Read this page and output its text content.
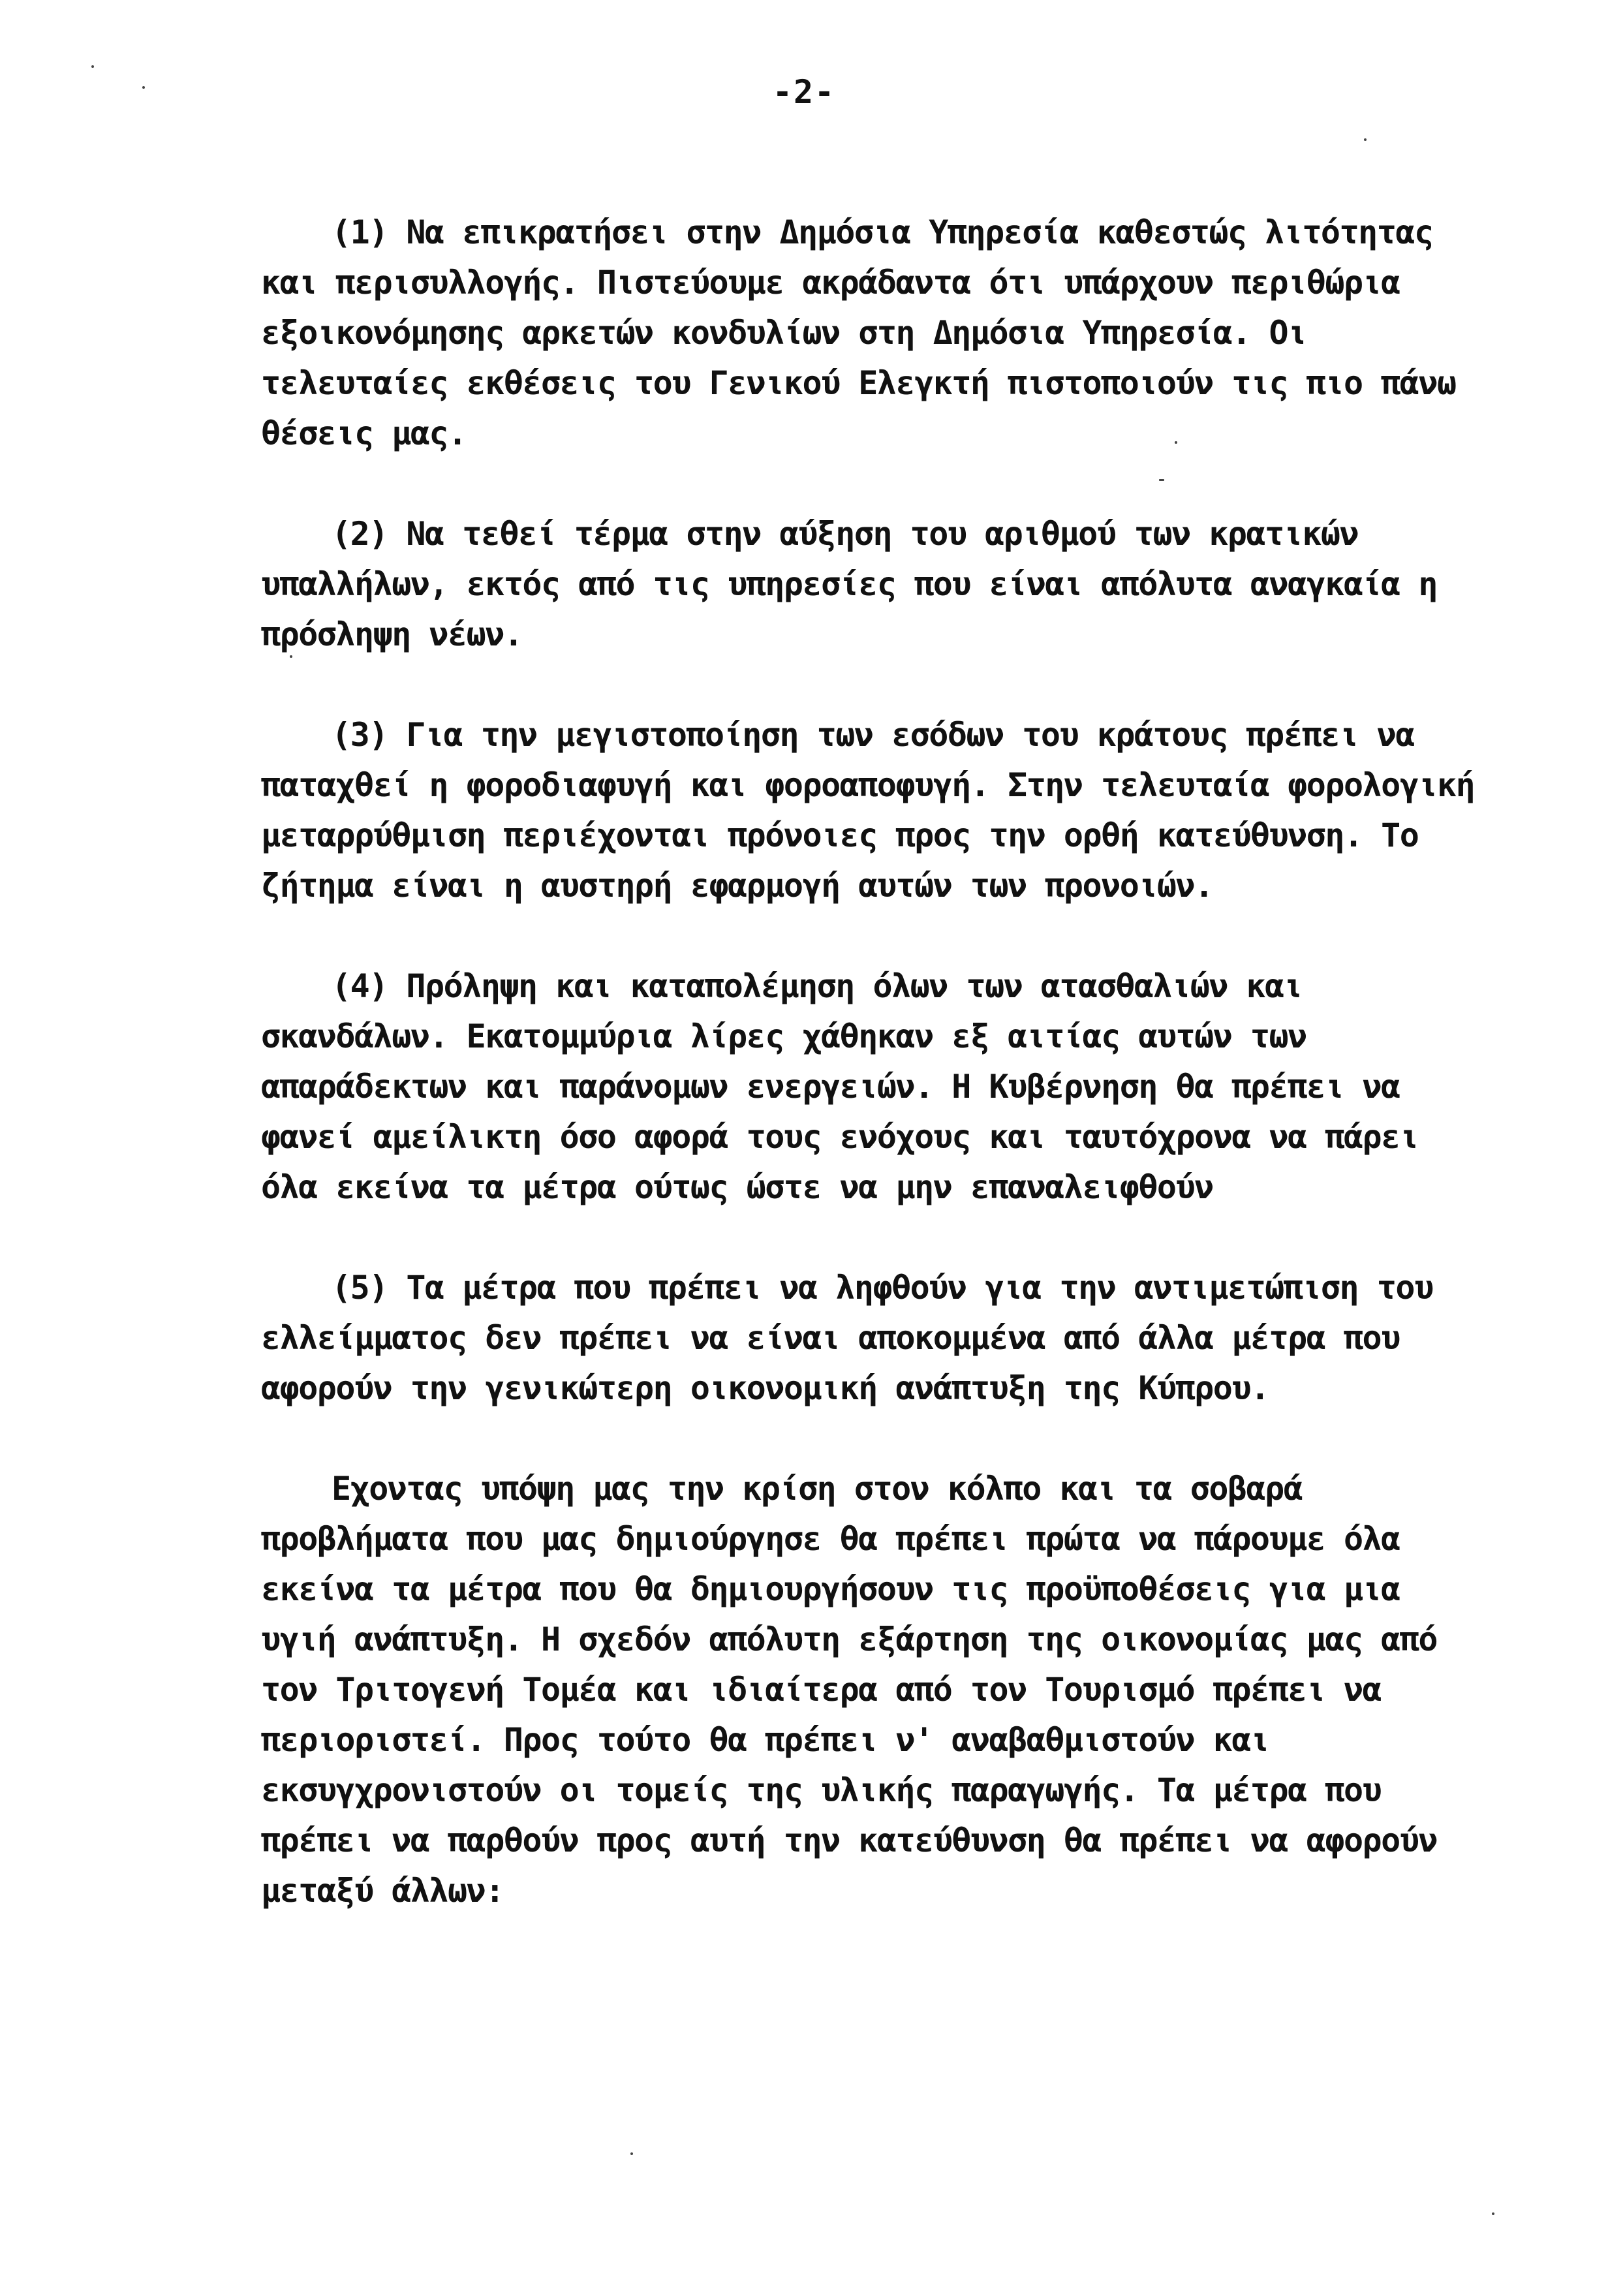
-2-
(1) Να επικρατήσει στην Δημόσια Υπηρεσία καθεστώς λιτότητας
και περισυλλογής. Πιστεύουμε ακράδαντα ότι υπάρχουν περιθώρια
εξοικονόμησης αρκετών κονδυλίων στη Δημόσια Υπηρεσία. Οι
τελευταίες εκθέσεις του Γενικού Ελεγκτή πιστοποιούν τις πιο πάνω
θέσεις μας.
(2) Να τεθεί τέρμα στην αύξηση του αριθμού των κρατικών
υπαλλήλων, εκτός από τις υπηρεσίες που είναι απόλυτα αναγκαία η
πρόσληψη νέων.
(3) Για την μεγιστοποίηση των εσόδων του κράτους πρέπει να
παταχθεί η φοροδιαφυγή και φοροαποφυγή. Στην τελευταία φορολογική
μεταρρύθμιση περιέχονται πρόνοιες προς την ορθή κατεύθυνση. Το
ζήτημα είναι η αυστηρή εφαρμογή αυτών των προνοιών.
(4) Πρόληψη και καταπολέμηση όλων των ατασθαλιών και
σκανδάλων. Εκατομμύρια λίρες χάθηκαν εξ αιτίας αυτών των
απαράδεκτων και παράνομων ενεργειών. Η Κυβέρνηση θα πρέπει να
φανεί αμείλικτη όσο αφορά τους ενόχους και ταυτόχρονα να πάρει
όλα εκείνα τα μέτρα ούτως ώστε να μην επαναλειφθούν
(5) Τα μέτρα που πρέπει να ληφθούν για την αντιμετώπιση του
ελλείμματος δεν πρέπει να είναι αποκομμένα από άλλα μέτρα που
αφορούν την γενικώτερη οικονομική ανάπτυξη της Κύπρου.
Εχοντας υπόψη μας την κρίση στον κόλπο και τα σοβαρά
προβλήματα που μας δημιούργησε θα πρέπει πρώτα να πάρουμε όλα
εκείνα τα μέτρα που θα δημιουργήσουν τις προϋποθέσεις για μια
υγιή ανάπτυξη. Η σχεδόν απόλυτη εξάρτηση της οικονομίας μας από
τον Τριτογενή Τομέα και ιδιαίτερα από τον Τουρισμό πρέπει να
περιοριστεί. Προς τούτο θα πρέπει ν' αναβαθμιστούν και
εκσυγχρονιστούν οι τομείς της υλικής παραγωγής. Τα μέτρα που
πρέπει να παρθούν προς αυτή την κατεύθυνση θα πρέπει να αφορούν
μεταξύ άλλων:
